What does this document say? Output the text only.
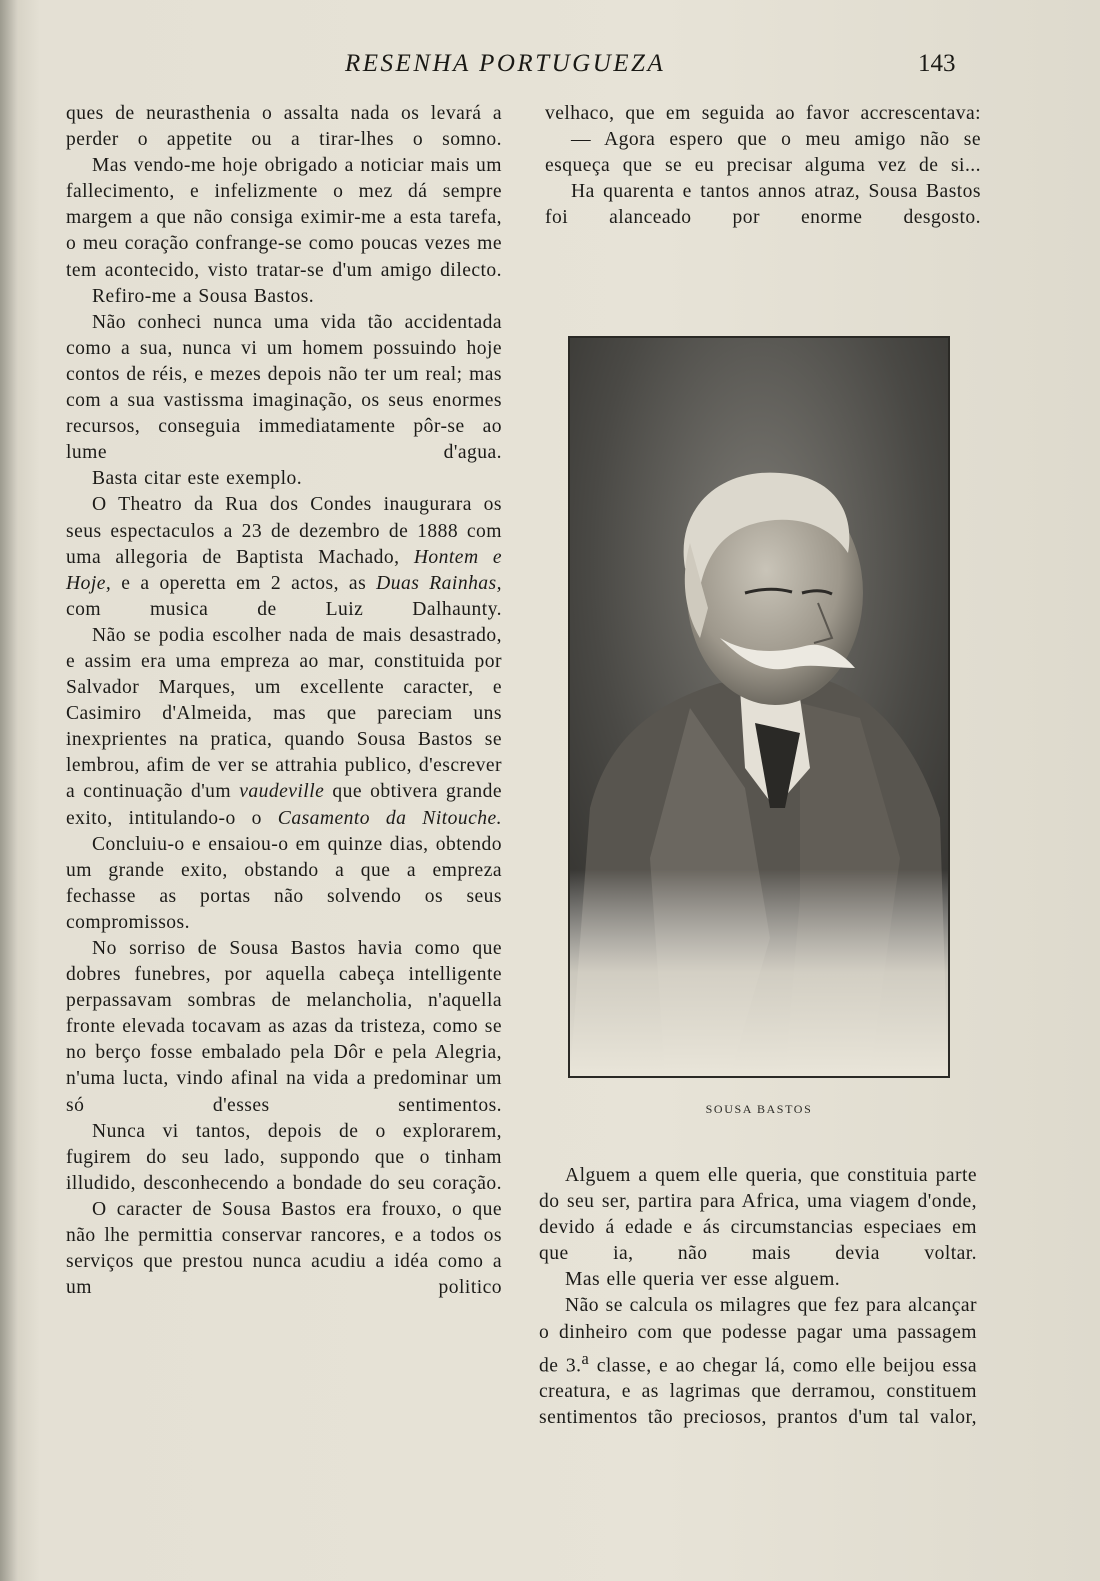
RESENHA PORTUGUEZA	143

ques de neurasthenia o assalta nada os levará a perder o appetite ou a tirar-lhes o somno.

Mas vendo-me hoje obrigado a noticiar mais um fallecimento, e infelizmente o mez dá sempre margem a que não consiga eximir-me a esta tarefa, o meu coração confrange-se como poucas vezes me tem acontecido, visto tratar-se d'um amigo dilecto.

Refiro-me a Sousa Bastos.

Não conheci nunca uma vida tão accidentada como a sua, nunca vi um homem possuindo hoje contos de réis, e mezes depois não ter um real; mas com a sua vastissma imaginação, os seus enormes recursos, conseguia immediatamente pôr-se ao lume d'agua.

Basta citar este exemplo.

O Theatro da Rua dos Condes inaugurara os seus espectaculos a 23 de dezembro de 1888 com uma allegoria de Baptista Machado, Hontem e Hoje, e a operetta em 2 actos, as Duas Rainhas, com musica de Luiz Dalhaunty.

Não se podia escolher nada de mais desastrado, e assim era uma empreza ao mar, constituida por Salvador Marques, um excellente caracter, e Casimiro d'Almeida, mas que pareciam uns inexprientes na pratica, quando Sousa Bastos se lembrou, afim de ver se attrahia publico, d'escrever a continuação d'um vaudeville que obtivera grande exito, intitulando-o o Casamento da Nitouche.

Concluiu-o e ensaiou-o em quinze dias, obtendo um grande exito, obstando a que a empreza fechasse as portas não solvendo os seus compromissos.

No sorriso de Sousa Bastos havia como que dobres funebres, por aquella cabeça intelligente perpassavam sombras de melancholia, n'aquella fronte elevada tocavam as azas da tristeza, como se no berço fosse embalado pela Dôr e pela Alegria, n'uma lucta, vindo afinal na vida a predominar um só d'esses sentimentos.

Nunca vi tantos, depois de o explorarem, fugirem do seu lado, suppondo que o tinham illudido, desconhecendo a bondade do seu coração.

O caracter de Sousa Bastos era frouxo, o que não lhe permittia conservar rancores, e a todos os serviços que prestou nunca acudiu a idéa como a um politico

velhaco, que em seguida ao favor accrescentava:

— Agora espero que o meu amigo não se esqueça que se eu precisar alguma vez de si...

Ha quarenta e tantos annos atraz, Sousa Bastos foi alanceado por enorme desgosto.

SOUSA BASTOS

Alguem a quem elle queria, que constituia parte do seu ser, partira para Africa, uma viagem d'onde, devido á edade e ás circumstancias especiaes em que ia, não mais devia voltar.

Mas elle queria ver esse alguem.

Não se calcula os milagres que fez para alcançar o dinheiro com que podesse pagar uma passagem de 3.$^a$ classe, e ao chegar lá, como elle beijou essa creatura, e as lagrimas que derramou, constituem sentimentos tão preciosos, prantos d'um tal valor,
